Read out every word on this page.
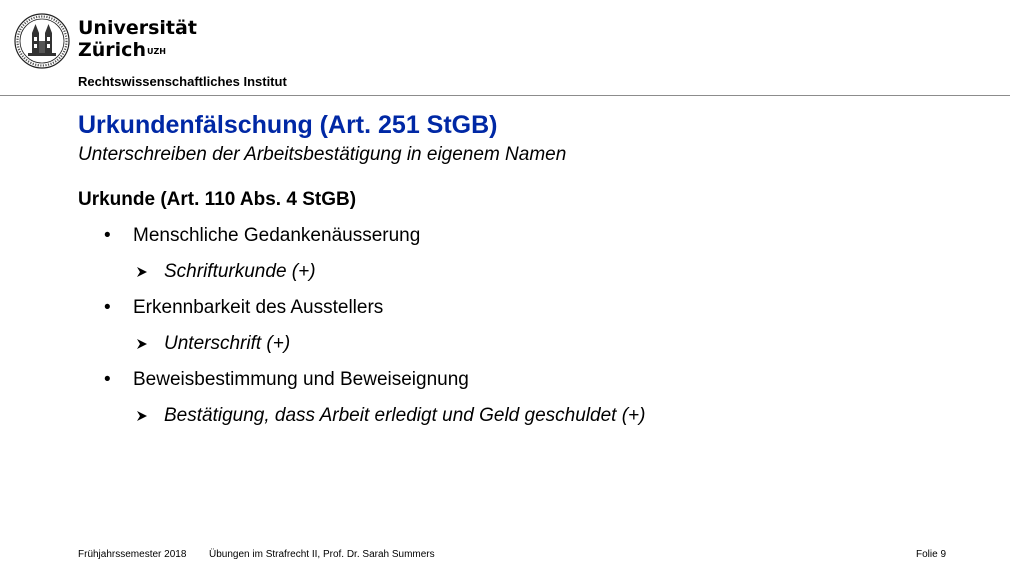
Universität
Zürich$^{UZH}$
Rechtswissenschaftliches Institut
Urkundenfälschung (Art. 251 StGB)
Unterschreiben der Arbeitsbestätigung in eigenem Namen
Urkunde (Art. 110 Abs. 4 StGB)
• Menschliche Gedankenäusserung
Schrifturkunde (+)
• Erkennbarkeit des Ausstellers
Unterschrift (+)
• Beweisbestimmung und Beweiseignung
Bestätigung, dass Arbeit erledigt und Geld geschuldet (+)
Frühjahrssemester 2018 Übungen im Strafrecht II, Prof. Dr. Sarah Summers	Folie 9
